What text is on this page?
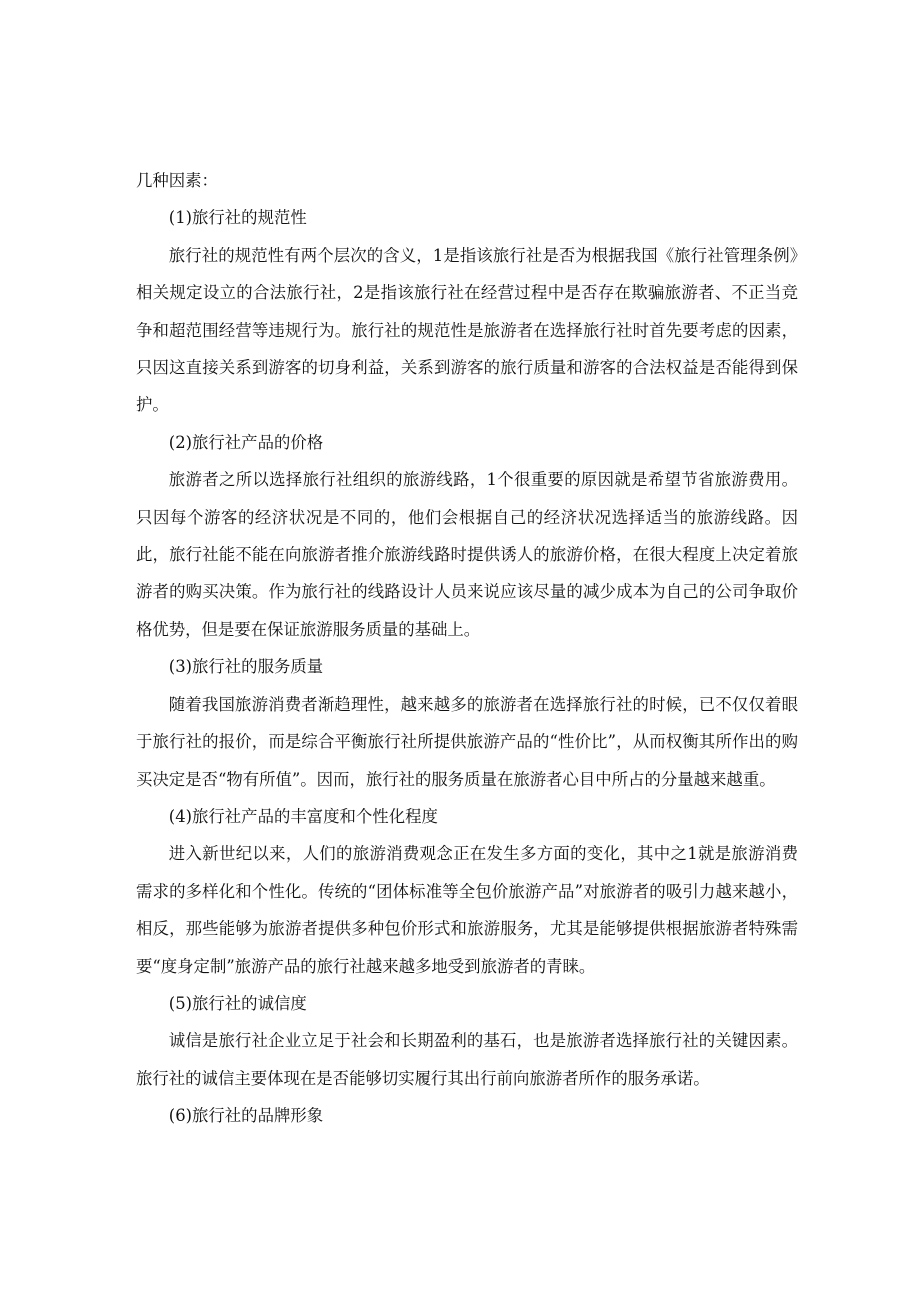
几种因素：

(1)旅行社的规范性

旅行社的规范性有两个层次的含义，1是指该旅行社是否为根据我国《旅行社管理条例》相关规定设立的合法旅行社，2是指该旅行社在经营过程中是否存在欺骗旅游者、不正当竞争和超范围经营等违规行为。旅行社的规范性是旅游者在选择旅行社时首先要考虑的因素，只因这直接关系到游客的切身利益，关系到游客的旅行质量和游客的合法权益是否能得到保护。

(2)旅行社产品的价格

旅游者之所以选择旅行社组织的旅游线路，1个很重要的原因就是希望节省旅游费用。只因每个游客的经济状况是不同的，他们会根据自己的经济状况选择适当的旅游线路。因此，旅行社能不能在向旅游者推介旅游线路时提供诱人的旅游价格，在很大程度上决定着旅游者的购买决策。作为旅行社的线路设计人员来说应该尽量的减少成本为自己的公司争取价格优势，但是要在保证旅游服务质量的基础上。

(3)旅行社的服务质量

随着我国旅游消费者渐趋理性，越来越多的旅游者在选择旅行社的时候，已不仅仅着眼于旅行社的报价，而是综合平衡旅行社所提供旅游产品的“性价比”，从而权衡其所作出的购买决定是否“物有所值”。因而，旅行社的服务质量在旅游者心目中所占的分量越来越重。

(4)旅行社产品的丰富度和个性化程度

进入新世纪以来，人们的旅游消费观念正在发生多方面的变化，其中之1就是旅游消费需求的多样化和个性化。传统的“团体标准等全包价旅游产品”对旅游者的吸引力越来越小，相反，那些能够为旅游者提供多种包价形式和旅游服务，尤其是能够提供根据旅游者特殊需要“度身定制”旅游产品的旅行社越来越多地受到旅游者的青睐。

(5)旅行社的诚信度

诚信是旅行社企业立足于社会和长期盈利的基石，也是旅游者选择旅行社的关键因素。旅行社的诚信主要体现在是否能够切实履行其出行前向旅游者所作的服务承诺。

(6)旅行社的品牌形象
